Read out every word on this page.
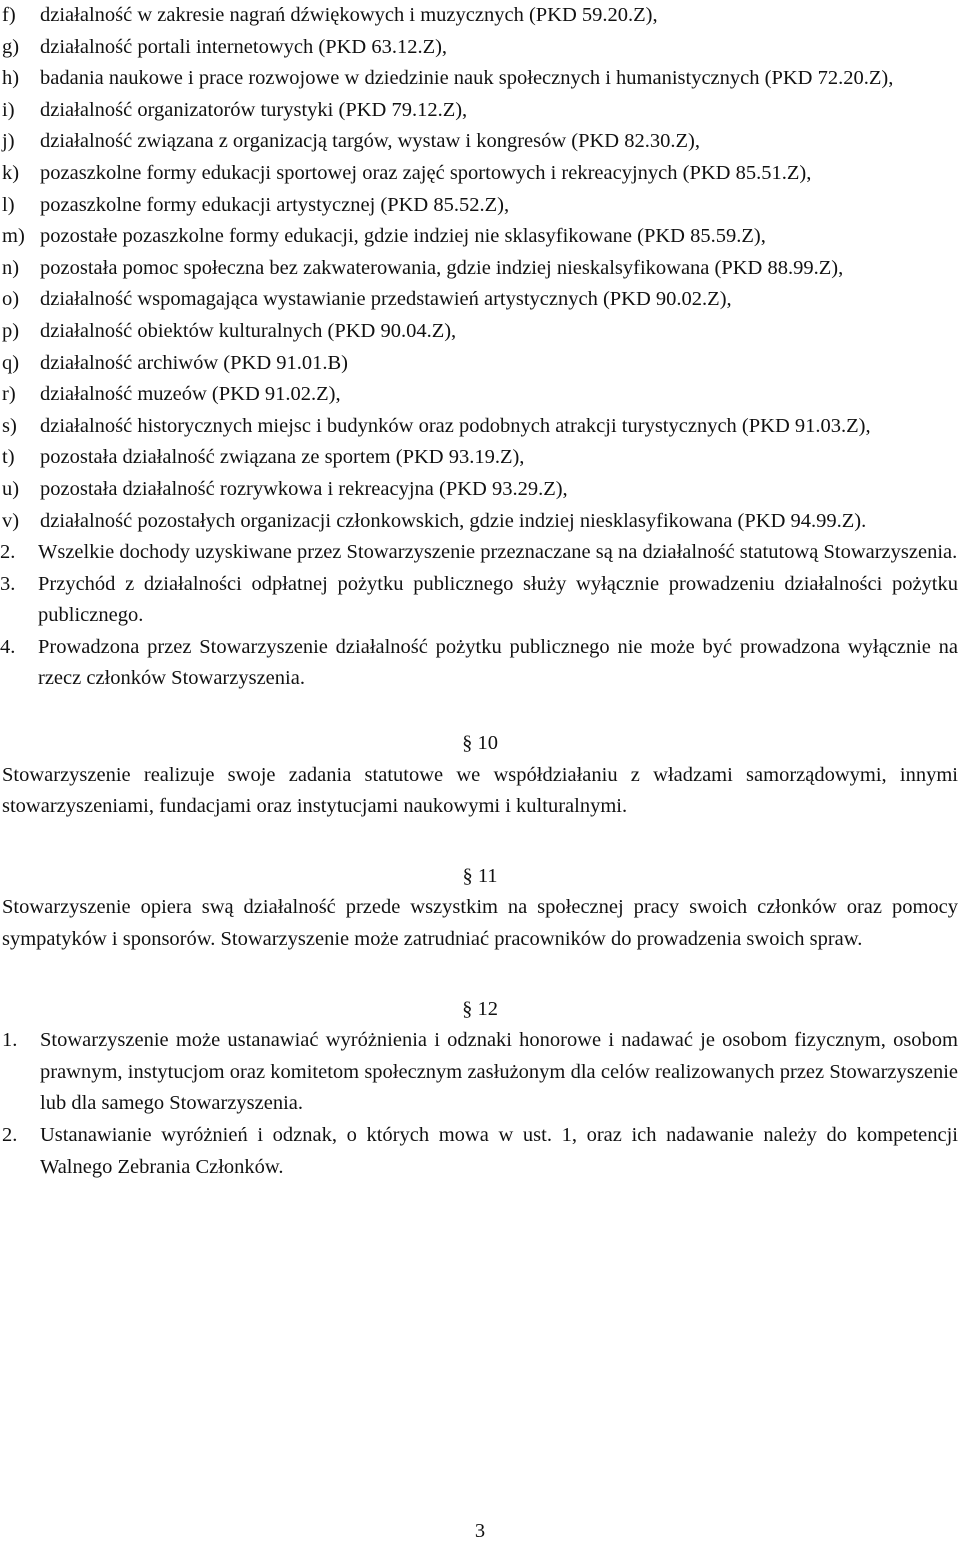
f) działalność w zakresie nagrań dźwiękowych i muzycznych (PKD 59.20.Z),
g) działalność portali internetowych (PKD 63.12.Z),
h) badania naukowe i prace rozwojowe w dziedzinie nauk społecznych i humanistycznych (PKD 72.20.Z),
i) działalność organizatorów turystyki (PKD 79.12.Z),
j) działalność związana z organizacją targów, wystaw i kongresów (PKD 82.30.Z),
k) pozaszkolne formy edukacji sportowej oraz zajęć sportowych i rekreacyjnych (PKD 85.51.Z),
l) pozaszkolne formy edukacji artystycznej (PKD 85.52.Z),
m) pozostałe pozaszkolne formy edukacji, gdzie indziej nie sklasyfikowane (PKD 85.59.Z),
n) pozostała pomoc społeczna bez zakwaterowania, gdzie indziej nieskalsyfikowana (PKD 88.99.Z),
o) działalność wspomagająca wystawianie przedstawień artystycznych (PKD 90.02.Z),
p) działalność obiektów kulturalnych (PKD 90.04.Z),
q) działalność archiwów (PKD 91.01.B)
r) działalność muzeów (PKD 91.02.Z),
s) działalność historycznych miejsc i budynków oraz podobnych atrakcji turystycznych (PKD 91.03.Z),
t) pozostała działalność związana ze sportem (PKD 93.19.Z),
u) pozostała działalność rozrywkowa i rekreacyjna (PKD 93.29.Z),
v) działalność pozostałych organizacji członkowskich, gdzie indziej niesklasyfikowana (PKD 94.99.Z).
2. Wszelkie dochody uzyskiwane przez Stowarzyszenie przeznaczane są na działalność statutową Stowarzyszenia.
3. Przychód z działalności odpłatnej pożytku publicznego służy wyłącznie prowadzeniu działalności pożytku publicznego.
4. Prowadzona przez Stowarzyszenie działalność pożytku publicznego nie może być prowadzona wyłącznie na rzecz członków Stowarzyszenia.

§ 10

Stowarzyszenie realizuje swoje zadania statutowe we współdziałaniu z władzami samorządowymi, innymi stowarzyszeniami, fundacjami oraz instytucjami naukowymi i kulturalnymi.

§ 11

Stowarzyszenie opiera swą działalność przede wszystkim na społecznej pracy swoich członków oraz pomocy sympatyków i sponsorów. Stowarzyszenie może zatrudniać pracowników do prowadzenia swoich spraw.

§ 12

1. Stowarzyszenie może ustanawiać wyróżnienia i odznaki honorowe i nadawać je osobom fizycznym, osobom prawnym, instytucjom oraz komitetom społecznym zasłużonym dla celów realizowanych przez Stowarzyszenie lub dla samego Stowarzyszenia.
2. Ustanawianie wyróżnień i odznak, o których mowa w ust. 1, oraz ich nadawanie należy do kompetencji Walnego Zebrania Członków.
3
